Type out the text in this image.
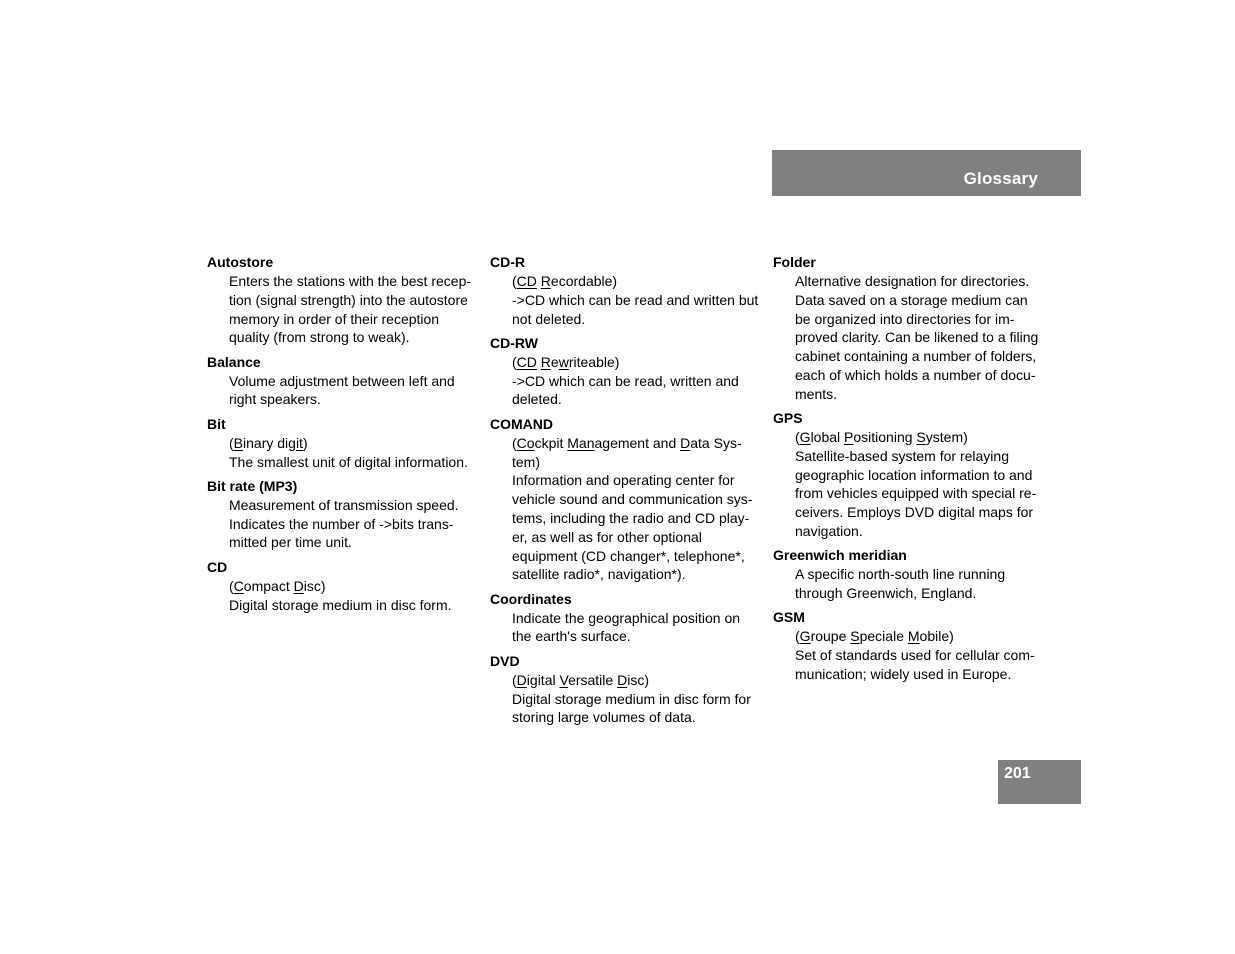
Glossary
Autostore
Enters the stations with the best recep-
tion (signal strength) into the autostore
memory in order of their reception
quality (from strong to weak).
Balance
Volume adjustment between left and
right speakers.
Bit
(Binary digit)
The smallest unit of digital information.
Bit rate (MP3)
Measurement of transmission speed.
Indicates the number of ->bits trans-
mitted per time unit.
CD
(Compact Disc)
Digital storage medium in disc form.
CD-R
(CD Recordable)
->CD which can be read and written but
not deleted.
CD-RW
(CD Rewriteable)
->CD which can be read, written and
deleted.
COMAND
(Cockpit Management and Data Sys-
tem)
Information and operating center for
vehicle sound and communication sys-
tems, including the radio and CD play-
er, as well as for other optional
equipment (CD changer*, telephone*,
satellite radio*, navigation*).
Coordinates
Indicate the geographical position on
the earth's surface.
DVD
(Digital Versatile Disc)
Digital storage medium in disc form for
storing large volumes of data.
Folder
Alternative designation for directories.
Data saved on a storage medium can
be organized into directories for im-
proved clarity. Can be likened to a filing
cabinet containing a number of folders,
each of which holds a number of docu-
ments.
GPS
(Global Positioning System)
Satellite-based system for relaying
geographic location information to and
from vehicles equipped with special re-
ceivers. Employs DVD digital maps for
navigation.
Greenwich meridian
A specific north-south line running
through Greenwich, England.
GSM
(Groupe Speciale Mobile)
Set of standards used for cellular com-
munication; widely used in Europe.
201
